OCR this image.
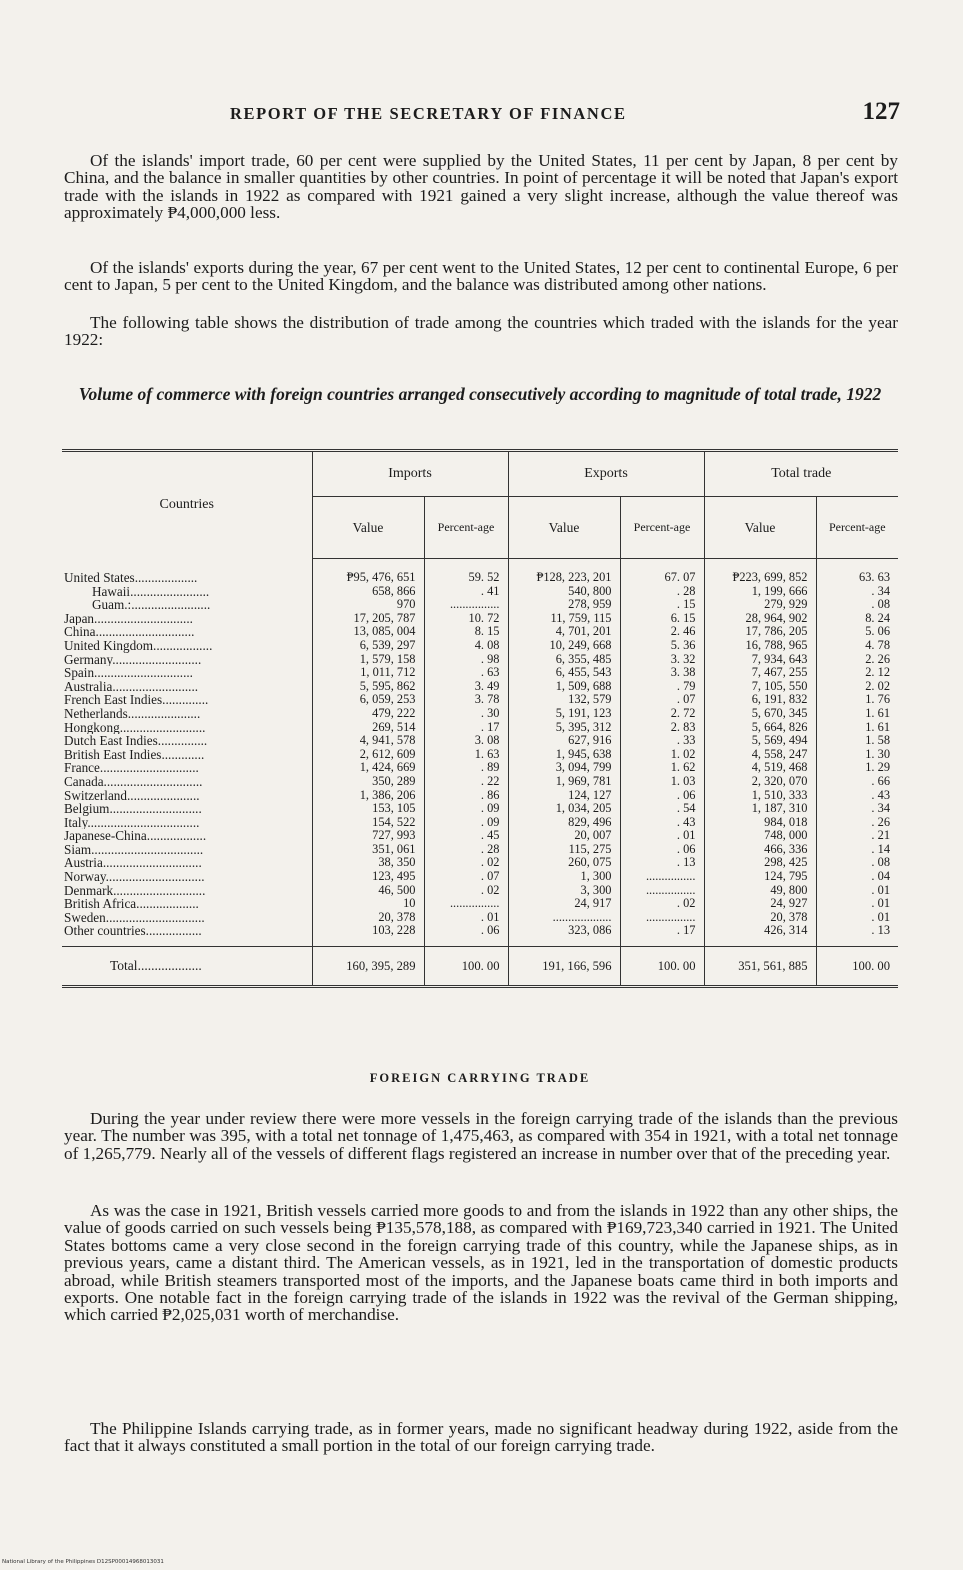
REPORT OF THE SECRETARY OF FINANCE	127

Of the islands' import trade, 60 per cent were supplied by the United States, 11 per cent by Japan, 8 per cent by China, and the balance in smaller quantities by other countries. In point of percentage it will be noted that Japan's export trade with the islands in 1922 as compared with 1921 gained a very slight increase, although the value thereof was approximately ₱4,000,000 less.

Of the islands' exports during the year, 67 per cent went to the United States, 12 per cent to continental Europe, 6 per cent to Japan, 5 per cent to the United Kingdom, and the balance was distributed among other nations.

The following table shows the distribution of trade among the countries which traded with the islands for the year 1922:

Volume of commerce with foreign countries arranged consecutively according to magnitude of total trade, 1922
Countries	Imports		Exports		Total trade	
	Value	Percent-age	Value	Percent-age	Value	Percent-age
United States...................	₱95, 476, 651	59. 52	₱128, 223, 201	67. 07	₱223, 699, 852	63. 63
Hawaii........................	658, 866	. 41	540, 800	. 28	1, 199, 666	. 34
Guam.:........................	970	................	278, 959	. 15	279, 929	. 08
Japan..............................	17, 205, 787	10. 72	11, 759, 115	6. 15	28, 964, 902	8. 24
China..............................	13, 085, 004	8. 15	4, 701, 201	2. 46	17, 786, 205	5. 06
United Kingdom..................	6, 539, 297	4. 08	10, 249, 668	5. 36	16, 788, 965	4. 78
Germany...........................	1, 579, 158	. 98	6, 355, 485	3. 32	7, 934, 643	2. 26
Spain..............................	1, 011, 712	. 63	6, 455, 543	3. 38	7, 467, 255	2. 12
Australia..........................	5, 595, 862	3. 49	1, 509, 688	. 79	7, 105, 550	2. 02
French East Indies..............	6, 059, 253	3. 78	132, 579	. 07	6, 191, 832	1. 76
Netherlands......................	479, 222	. 30	5, 191, 123	2. 72	5, 670, 345	1. 61
Hongkong..........................	269, 514	. 17	5, 395, 312	2. 83	5, 664, 826	1. 61
Dutch East Indies...............	4, 941, 578	3. 08	627, 916	. 33	5, 569, 494	1. 58
British East Indies.............	2, 612, 609	1. 63	1, 945, 638	1. 02	4, 558, 247	1. 30
France..............................	1, 424, 669	. 89	3, 094, 799	1. 62	4, 519, 468	1. 29
Canada..............................	350, 289	. 22	1, 969, 781	1. 03	2, 320, 070	. 66
Switzerland......................	1, 386, 206	. 86	124, 127	. 06	1, 510, 333	. 43
Belgium............................	153, 105	. 09	1, 034, 205	. 54	1, 187, 310	. 34
Italy..................................	154, 522	. 09	829, 496	. 43	984, 018	. 26
Japanese-China..................	727, 993	. 45	20, 007	. 01	748, 000	. 21
Siam..................................	351, 061	. 28	115, 275	. 06	466, 336	. 14
Austria..............................	38, 350	. 02	260, 075	. 13	298, 425	. 08
Norway..............................	123, 495	. 07	1, 300	................	124, 795	. 04
Denmark............................	46, 500	. 02	3, 300	................	49, 800	. 01
British Africa...................	10	................	24, 917	. 02	24, 927	. 01
Sweden..............................	20, 378	. 01	...................	................	20, 378	. 01
Other countries.................	103, 228	. 06	323, 086	. 17	426, 314	. 13
Total...................	160, 395, 289	100. 00	191, 166, 596	100. 00	351, 561, 885	100. 00
FOREIGN CARRYING TRADE

During the year under review there were more vessels in the foreign carrying trade of the islands than the previous year. The number was 395, with a total net tonnage of 1,475,463, as compared with 354 in 1921, with a total net tonnage of 1,265,779. Nearly all of the vessels of different flags registered an increase in number over that of the preceding year.

As was the case in 1921, British vessels carried more goods to and from the islands in 1922 than any other ships, the value of goods carried on such vessels being ₱135,578,188, as compared with ₱169,723,340 carried in 1921. The United States bottoms came a very close second in the foreign carrying trade of this country, while the Japanese ships, as in previous years, came a distant third. The American vessels, as in 1921, led in the transportation of domestic products abroad, while British steamers transported most of the imports, and the Japanese boats came third in both imports and exports. One notable fact in the foreign carrying trade of the islands in 1922 was the revival of the German shipping, which carried ₱2,025,031 worth of merchandise.

The Philippine Islands carrying trade, as in former years, made no significant headway during 1922, aside from the fact that it always constituted a small portion in the total of our foreign carrying trade.

National Library of the Philippines D12SP00014968013031
